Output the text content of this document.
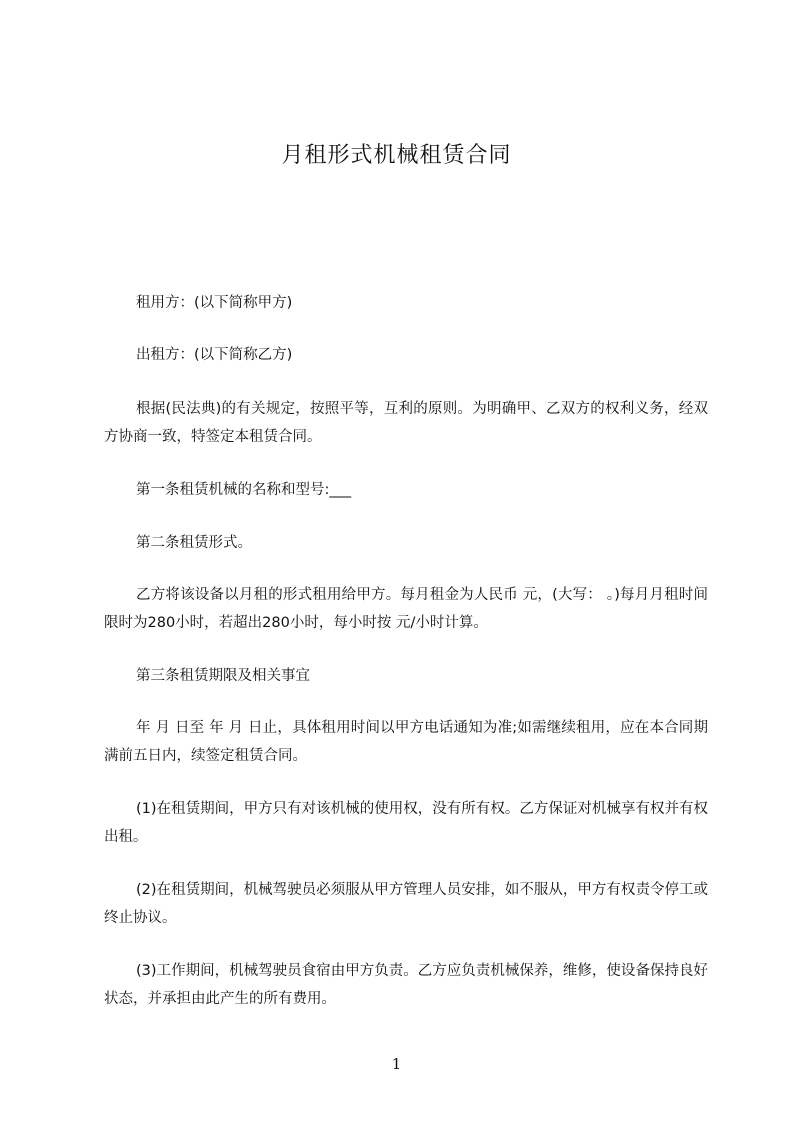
月租形式机械租赁合同
租用方：(以下简称甲方)
出租方：(以下简称乙方)
根据(民法典)的有关规定，按照平等，互利的原则。为明确甲、乙双方的权利义务，经双方协商一致，特签定本租赁合同。
第一条租赁机械的名称和型号:___
第二条租赁形式。
乙方将该设备以月租的形式租用给甲方。每月租金为人民币 元，(大写： 。)每月月租时间限时为280小时，若超出280小时，每小时按 元/小时计算。
第三条租赁期限及相关事宜
年 月 日至 年 月 日止，具体租用时间以甲方电话通知为准;如需继续租用，应在本合同期满前五日内，续签定租赁合同。
(1)在租赁期间，甲方只有对该机械的使用权，没有所有权。乙方保证对机械享有权并有权出租。
(2)在租赁期间，机械驾驶员必须服从甲方管理人员安排，如不服从，甲方有权责令停工或终止协议。
(3)工作期间，机械驾驶员食宿由甲方负责。乙方应负责机械保养，维修，使设备保持良好状态，并承担由此产生的所有费用。
1
